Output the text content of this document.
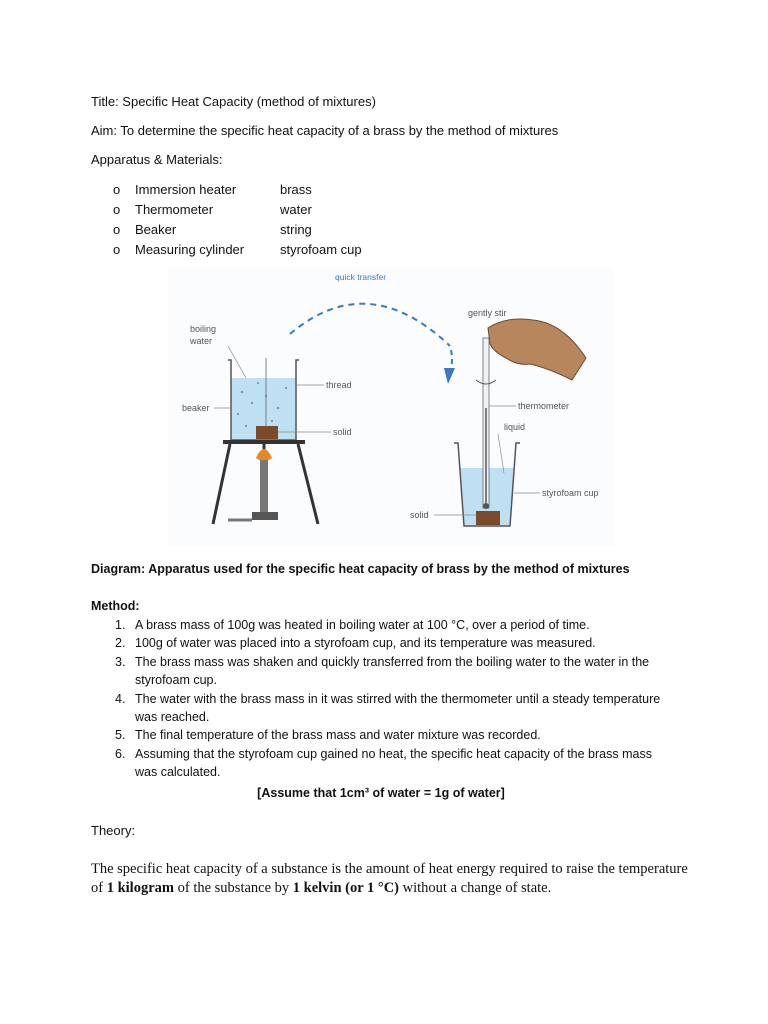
Title: Specific Heat Capacity (method of mixtures)
Aim: To determine the specific heat capacity of a brass by the method of mixtures
Apparatus & Materials:
o	Immersion heater	brass
o	Thermometer	water
o	Beaker	string
o	Measuring cylinder	styrofoam cup
quick transfer
boiling
water
beaker
thread
solid
gently stir
thermometer
liquid
styrofoam cup
solid
Diagram: Apparatus used for the specific heat capacity of brass by the method of mixtures
Method:
1. A brass mass of 100g was heated in boiling water at 100 °C, over a period of time.
2. 100g of water was placed into a styrofoam cup, and its temperature was measured.
3. The brass mass was shaken and quickly transferred from the boiling water to the water in the styrofoam cup.
4. The water with the brass mass in it was stirred with the thermometer until a steady temperature was reached.
5. The final temperature of the brass mass and water mixture was recorded.
6. Assuming that the styrofoam cup gained no heat, the specific heat capacity of the brass mass was calculated.
[Assume that 1cm³ of water = 1g of water]
Theory:
The specific heat capacity of a substance is the amount of heat energy required to raise the temperature of 1 kilogram of the substance by 1 kelvin (or 1 °C) without a change of state.
